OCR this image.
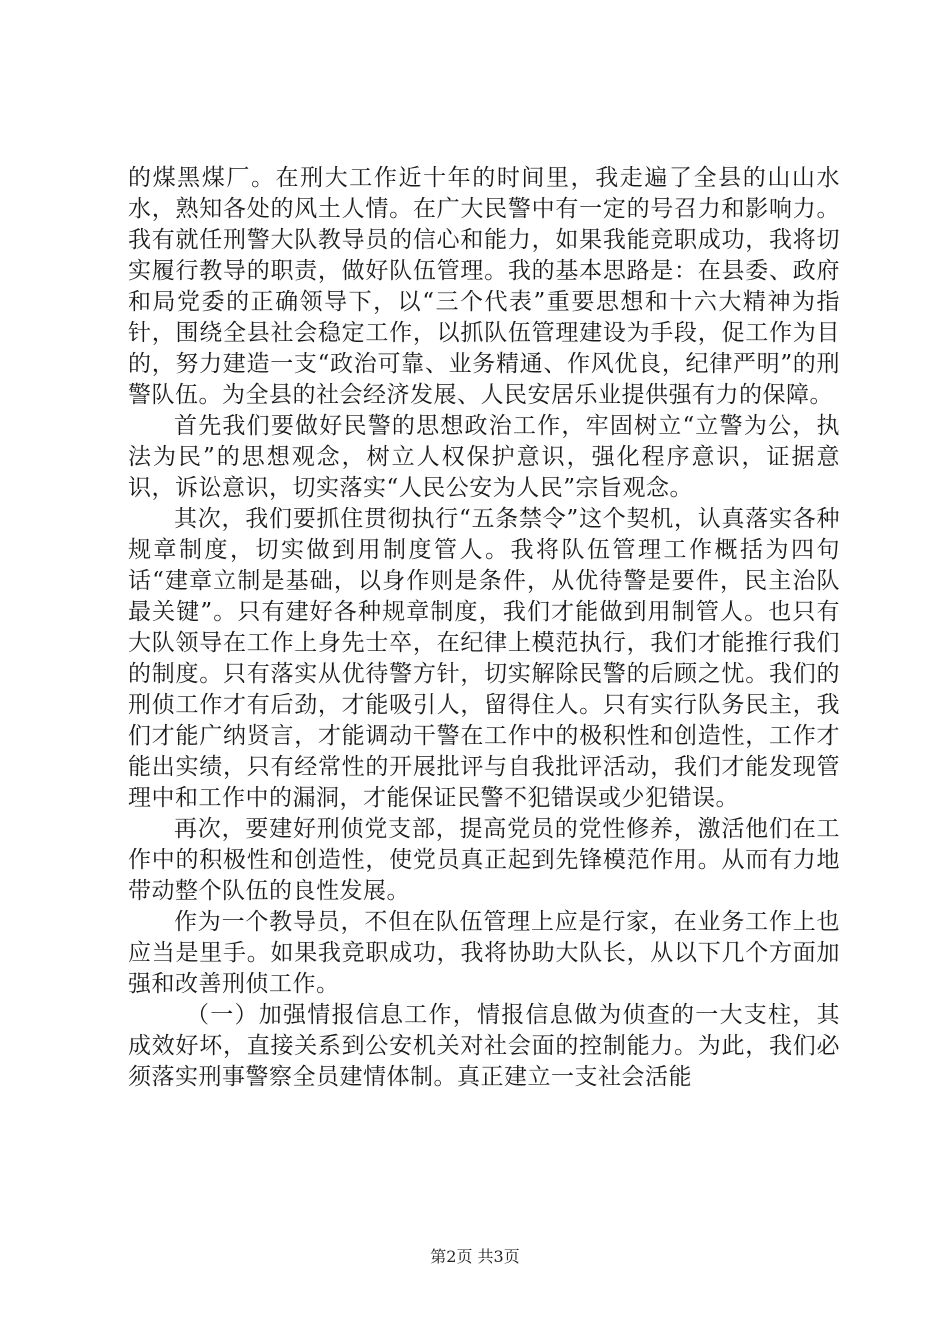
的煤黑煤厂。在刑大工作近十年的时间里，我走遍了全县的山山水水，熟知各处的风土人情。在广大民警中有一定的号召力和影响力。我有就任刑警大队教导员的信心和能力，如果我能竞职成功，我将切实履行教导的职责，做好队伍管理。我的基本思路是：在县委、政府和局党委的正确领导下，以“三个代表”重要思想和十六大精神为指针，围绕全县社会稳定工作，以抓队伍管理建设为手段，促工作为目的，努力建造一支“政治可靠、业务精通、作风优良，纪律严明”的刑警队伍。为全县的社会经济发展、人民安居乐业提供强有力的保障。

首先我们要做好民警的思想政治工作，牢固树立“立警为公，执法为民”的思想观念，树立人权保护意识，强化程序意识，证据意识，诉讼意识，切实落实“人民公安为人民”宗旨观念。

其次，我们要抓住贯彻执行“五条禁令”这个契机，认真落实各种规章制度，切实做到用制度管人。我将队伍管理工作概括为四句话“建章立制是基础，以身作则是条件，从优待警是要件，民主治队最关键”。只有建好各种规章制度，我们才能做到用制管人。也只有大队领导在工作上身先士卒，在纪律上模范执行，我们才能推行我们的制度。只有落实从优待警方针，切实解除民警的后顾之忧。我们的刑侦工作才有后劲，才能吸引人，留得住人。只有实行队务民主，我们才能广纳贤言，才能调动干警在工作中的极积性和创造性，工作才能出实绩，只有经常性的开展批评与自我批评活动，我们才能发现管理中和工作中的漏洞，才能保证民警不犯错误或少犯错误。

再次，要建好刑侦党支部，提高党员的党性修养，激活他们在工作中的积极性和创造性，使党员真正起到先锋模范作用。从而有力地带动整个队伍的良性发展。

作为一个教导员，不但在队伍管理上应是行家，在业务工作上也应当是里手。如果我竞职成功，我将协助大队长，从以下几个方面加强和改善刑侦工作。

（一）加强情报信息工作，情报信息做为侦查的一大支柱，其成效好坏，直接关系到公安机关对社会面的控制能力。为此，我们必须落实刑事警察全员建情体制。真正建立一支社会活能

第2页 共3页
